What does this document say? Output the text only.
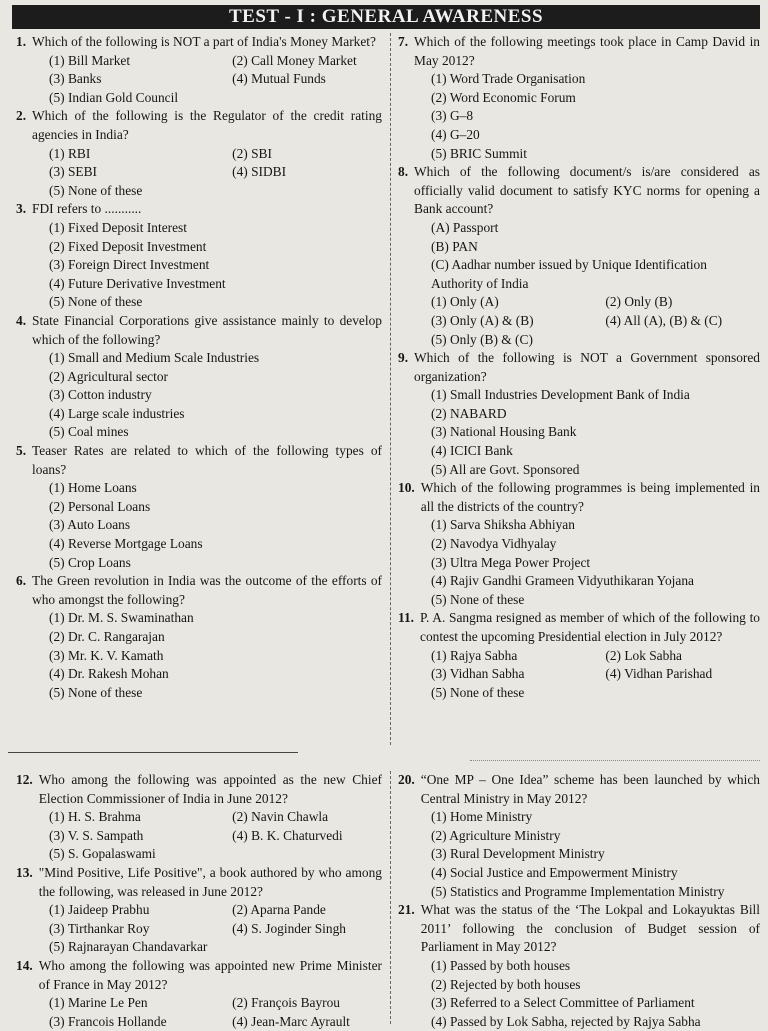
TEST - I : GENERAL AWARENESS
1. Which of the following is NOT a part of India's Money Market?
(1) Bill Market	(2) Call Money Market
(3) Banks	(4) Mutual Funds
(5) Indian Gold Council
2. Which of the following is the Regulator of the credit rating agencies in India?
(1) RBI	(2) SBI
(3) SEBI	(4) SIDBI
(5) None of these
3. FDI refers to ...........
(1) Fixed Deposit Interest
(2) Fixed Deposit Investment
(3) Foreign Direct Investment
(4) Future Derivative Investment
(5) None of these
4. State Financial Corporations give assistance mainly to develop which of the following?
(1) Small and Medium Scale Industries
(2) Agricultural sector
(3) Cotton industry
(4) Large scale industries
(5) Coal mines
5. Teaser Rates are related to which of the following types of loans?
(1) Home Loans
(2) Personal Loans
(3) Auto Loans
(4) Reverse Mortgage Loans
(5) Crop Loans
6. The Green revolution in India was the outcome of the efforts of who amongst the following?
(1) Dr. M. S. Swaminathan
(2) Dr. C. Rangarajan
(3) Mr. K. V. Kamath
(4) Dr. Rakesh Mohan
(5) None of these
7. Which of the following meetings took place in Camp David in May 2012?
(1) Word Trade Organisation
(2) Word Economic Forum
(3) G–8
(4) G–20
(5) BRIC Summit
8. Which of the following document/s is/are considered as officially valid document to satisfy KYC norms for opening a Bank account?
(A) Passport
(B) PAN
(C) Aadhar number issued by Unique Identification Authority of India
(1) Only (A)	(2) Only (B)
(3) Only (A) & (B)	(4) All (A), (B) & (C)
(5) Only (B) & (C)
9. Which of the following is NOT a Government sponsored organization?
(1) Small Industries Development Bank of India
(2) NABARD
(3) National Housing Bank
(4) ICICI Bank
(5) All are Govt. Sponsored
10. Which of the following programmes is being implemented in all the districts of the country?
(1) Sarva Shiksha Abhiyan
(2) Navodya Vidhyalay
(3) Ultra Mega Power Project
(4) Rajiv Gandhi Grameen Vidyuthikaran Yojana
(5) None of these
11. P. A. Sangma resigned as member of which of the following to contest the upcoming Presidential election in July 2012?
(1) Rajya Sabha	(2) Lok Sabha
(3) Vidhan Sabha	(4) Vidhan Parishad
(5) None of these
12. Who among the following was appointed as the new Chief Election Commissioner of India in June 2012?
(1) H. S. Brahma	(2) Navin Chawla
(3) V. S. Sampath	(4) B. K. Chaturvedi
(5) S. Gopalaswami
13. "Mind Positive, Life Positive", a book authored by who among the following, was released in June 2012?
(1) Jaideep Prabhu	(2) Aparna Pande
(3) Tirthankar Roy	(4) S. Joginder Singh
(5) Rajnarayan Chandavarkar
14. Who among the following was appointed new Prime Minister of France in May 2012?
(1) Marine Le Pen	(2) François Bayrou
(3) Francois Hollande	(4) Jean-Marc Ayrault
20. “One MP – One Idea” scheme has been launched by which Central Ministry in May 2012?
(1) Home Ministry
(2) Agriculture Ministry
(3) Rural Development Ministry
(4) Social Justice and Empowerment Ministry
(5) Statistics and Programme Implementation Ministry
21. What was the status of the ‘The Lokpal and Lokayuktas Bill 2011’ following the conclusion of Budget session of Parliament in May 2012?
(1) Passed by both houses
(2) Rejected by both houses
(3) Referred to a Select Committee of Parliament
(4) Passed by Lok Sabha, rejected by Rajya Sabha
